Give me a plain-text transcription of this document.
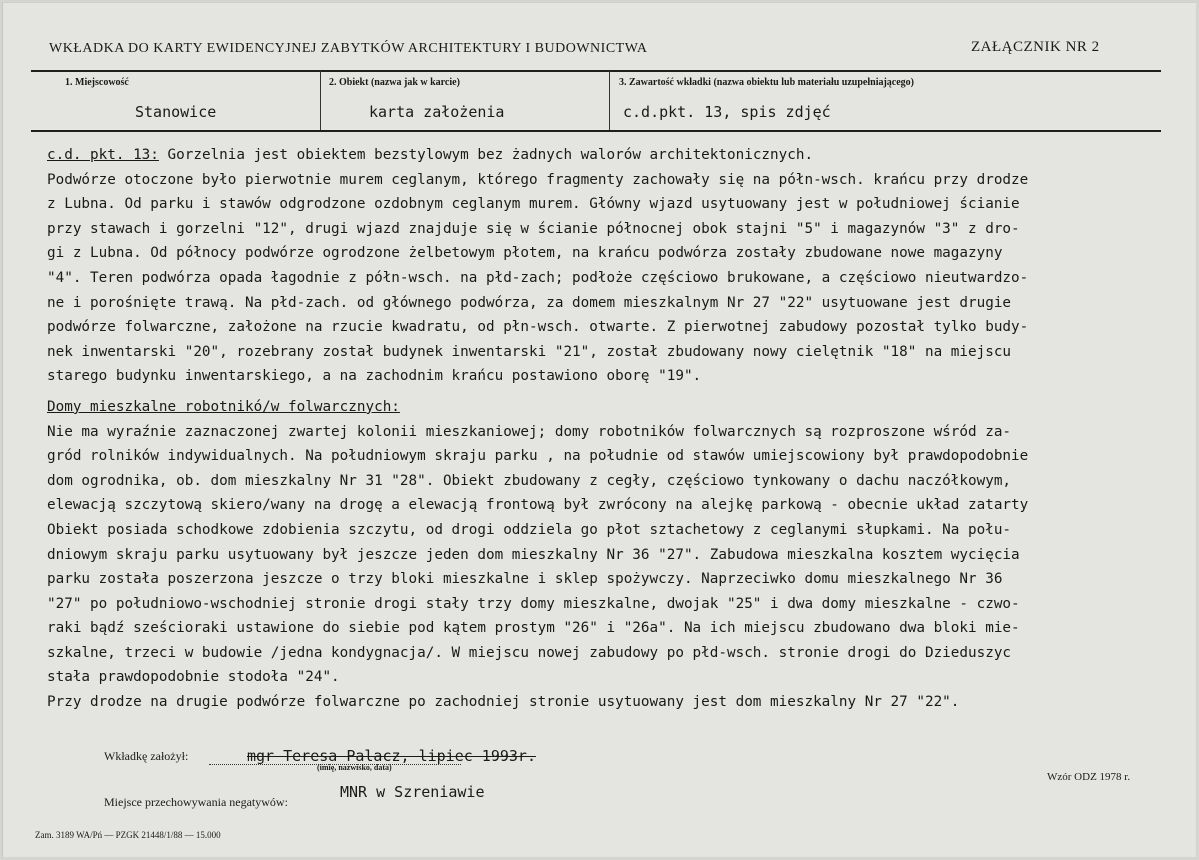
WKŁADKA DO KARTY EWIDENCYJNEJ ZABYTKÓW ARCHITEKTURY I BUDOWNICTWA	ZAŁĄCZNIK NR 2
1. Miejscowość	2. Obiekt (nazwa jak w karcie)	3. Zawartość wkładki (nazwa obiektu lub materiału uzupełniającego)
Stanowice	karta założenia	c.d.pkt. 13, spis zdjęć
c.d. pkt. 13: Gorzelnia jest obiektem bezstylowym bez żadnych walorów architektonicznych.
Podwórze otoczone było pierwotnie murem ceglanym, którego fragmenty zachowały się na półn-wsch. krańcu przy drodze
z Lubna. Od parku i stawów odgrodzone ozdobnym ceglanym murem. Główny wjazd usytuowany jest w południowej ścianie
przy stawach i gorzelni "12", drugi wjazd znajduje się w ścianie północnej obok stajni "5" i magazynów "3" z dro-
gi z Lubna. Od północy podwórze ogrodzone żelbetowym płotem, na krańcu podwórza zostały zbudowane nowe magazyny
"4". Teren podwórza opada łagodnie z półn-wsch. na płd-zach; podłoże częściowo brukowane, a częściowo nieutwardzo-
ne i porośnięte trawą. Na płd-zach. od głównego podwórza, za domem mieszkalnym Nr 27 "22" usytuowane jest drugie
podwórze folwarczne, założone na rzucie kwadratu, od płn-wsch. otwarte. Z pierwotnej zabudowy pozostał tylko budy-
nek inwentarski "20", rozebrany został budynek inwentarski "21", został zbudowany nowy cielętnik "18" na miejscu
starego budynku inwentarskiego, a na zachodnim krańcu postawiono oborę "19".
Domy mieszkalne robotnikó/w folwarcznych:
Nie ma wyraźnie zaznaczonej zwartej kolonii mieszkaniowej; domy robotników folwarcznych są rozproszone wśród za-
gród rolników indywidualnych. Na południowym skraju parku , na południe od stawów umiejscowiony był prawdopodobnie
dom ogrodnika, ob. dom mieszkalny Nr 31 "28". Obiekt zbudowany z cegły, częściowo tynkowany o dachu naczółkowym,
elewacją szczytową skiero/wany na drogę a elewacją frontową był zwrócony na alejkę parkową - obecnie układ zatarty
Obiekt posiada schodkowe zdobienia szczytu, od drogi oddziela go płot sztachetowy z ceglanymi słupkami. Na połu-
dniowym skraju parku usytuowany był jeszcze jeden dom mieszkalny Nr 36 "27". Zabudowa mieszkalna kosztem wycięcia
parku została poszerzona jeszcze o trzy bloki mieszkalne i sklep spożywczy. Naprzeciwko domu mieszkalnego Nr 36
"27" po południowo-wschodniej stronie drogi stały trzy domy mieszkalne, dwojak "25" i dwa domy mieszkalne - czwo-
raki bądź sześcioraki ustawione do siebie pod kątem prostym "26" i "26a". Na ich miejscu zbudowano dwa bloki mie-
szkalne, trzeci w budowie /jedna kondygnacja/. W miejscu nowej zabudowy po płd-wsch. stronie drogi do Dzieduszyc
stała prawdopodobnie stodoła "24".
Przy drodze na drugie podwórze folwarczne po zachodniej stronie usytuowany jest dom mieszkalny Nr 27 "22".
Wkładkę założył:	mgr Teresa Palacz, lipiec 1993r.
(imię, nazwisko, data)
Wzór ODZ 1978 r.
Miejsce przechowywania negatywów:
MNR w Szreniawie
Zam. 3189 WA/Pń — PZGK 21448/1/88 — 15.000
